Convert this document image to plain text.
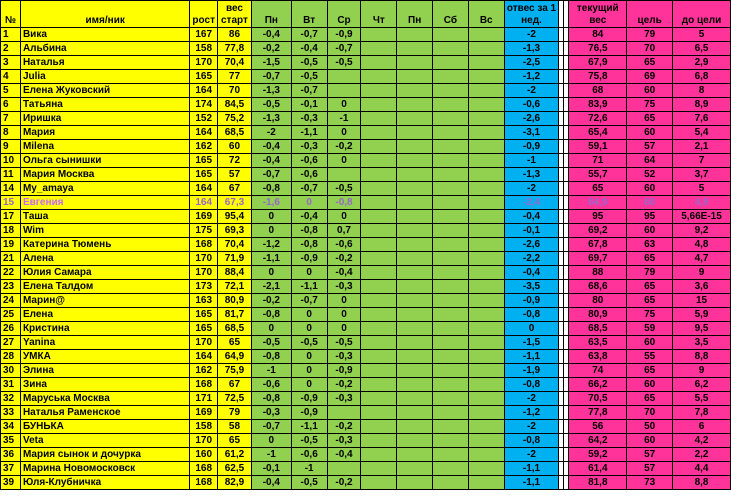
№	имя/ник	рост	вес старт	Пн	Вт	Ср	Чт	Пн	Сб	Вс	отвес за 1 нед.			текущий вес	цель	до цели
1	Вика	167	86	-0,4	-0,7	-0,9					-2			84	79	5
2	Альбина	158	77,8	-0,2	-0,4	-0,7					-1,3			76,5	70	6,5
3	Наталья	170	70,4	-1,5	-0,5	-0,5					-2,5			67,9	65	2,9
4	Julia	165	77	-0,7	-0,5						-1,2			75,8	69	6,8
5	Елена Жуковский	164	70	-1,3	-0,7						-2			68	60	8
6	Татьяна	174	84,5	-0,5	-0,1	0					-0,6			83,9	75	8,9
7	Иришка	152	75,2	-1,3	-0,3	-1					-2,6			72,6	65	7,6
8	Мария	164	68,5	-2	-1,1	0					-3,1			65,4	60	5,4
9	Milena	162	60	-0,4	-0,3	-0,2					-0,9			59,1	57	2,1
10	Ольга сынишки	165	72	-0,4	-0,6	0					-1			71	64	7
11	Мария Москва	165	57	-0,7	-0,6						-1,3			55,7	52	3,7
14	My_amaya	164	67	-0,8	-0,7	-0,5					-2			65	60	5
15	Евгения	164	67,3	-1,6	0	-0,8					-2,4			64,9	60	4,9
17	Таша	169	95,4	0	-0,4	0					-0,4			95	95	5,66E-15
18	Wim	175	69,3	0	-0,8	0,7					-0,1			69,2	60	9,2
19	Катерина Тюмень	168	70,4	-1,2	-0,8	-0,6					-2,6			67,8	63	4,8
21	Алена	170	71,9	-1,1	-0,9	-0,2					-2,2			69,7	65	4,7
22	Юлия Самара	170	88,4	0	0	-0,4					-0,4			88	79	9
23	Елена Талдом	173	72,1	-2,1	-1,1	-0,3					-3,5			68,6	65	3,6
24	Марин@	163	80,9	-0,2	-0,7	0					-0,9			80	65	15
25	Елена	165	81,7	-0,8	0	0					-0,8			80,9	75	5,9
26	Кристина	165	68,5	0	0	0					0			68,5	59	9,5
27	Yanina	170	65	-0,5	-0,5	-0,5					-1,5			63,5	60	3,5
28	УМКА	164	64,9	-0,8	0	-0,3					-1,1			63,8	55	8,8
30	Элина	162	75,9	-1	0	-0,9					-1,9			74	65	9
31	Зина	168	67	-0,6	0	-0,2					-0,8			66,2	60	6,2
32	Маруська Москва	171	72,5	-0,8	-0,9	-0,3					-2			70,5	65	5,5
33	Наталья Раменское	169	79	-0,3	-0,9						-1,2			77,8	70	7,8
34	БУНЬКА	158	58	-0,7	-1,1	-0,2					-2			56	50	6
35	Veta	170	65	0	-0,5	-0,3					-0,8			64,2	60	4,2
36	Мария сынок и дочурка	160	61,2	-1	-0,6	-0,4					-2			59,2	57	2,2
37	Марина Новомосковск	168	62,5	-0,1	-1						-1,1			61,4	57	4,4
39	Юля-Клубничка	168	82,9	-0,4	-0,5	-0,2					-1,1			81,8	73	8,8
